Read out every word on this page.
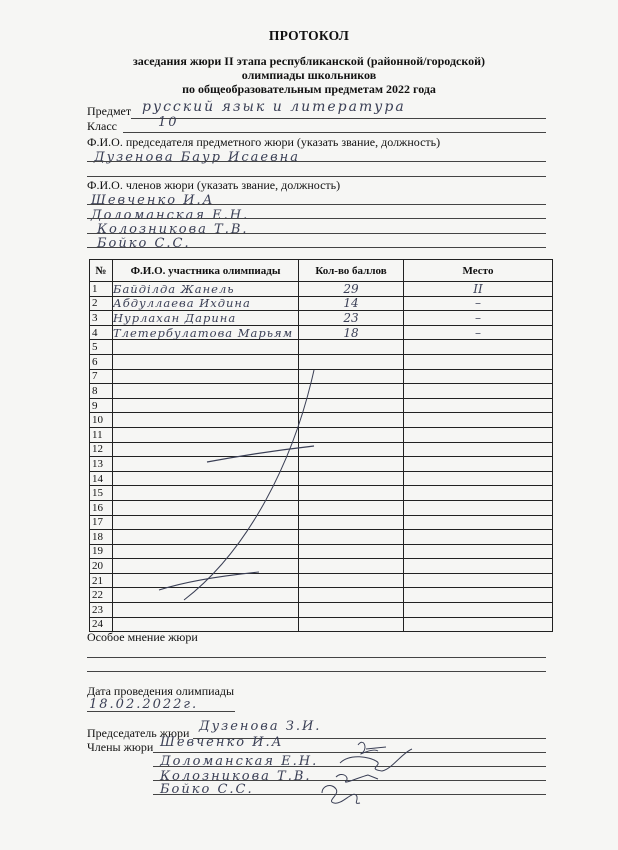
ПРОТОКОЛ
заседания жюри II этапа республиканской (районной/городской)
олимпиады школьников
по общеобразовательным предметам 2022 года
Предмет русский язык и литература
Класс	10
Ф.И.О. председателя предметного жюри (указать звание, должность)
Дузенова Баур Исаевна
Ф.И.О. членов жюри (указать звание, должность)
Шевченко И.А
Доломанская Е.Н.
Колозникова Т.В.
Бойко С.С.
№	Ф.И.О. участника олимпиады	Кол-во баллов	Место
1	Байділда Жанель	29	II
2	Абдуллаева Ихдина	14	–
3	Нурлахан Дарина	23	–
4	Тлетербулатова Марьям	18	–
5			
6			
7			
8			
9			
10			
11			
12			
13			
14			
15			
16			
17			
18			
19			
20			
21			
22			
23			
24			
Особое мнение жюри
Дата проведения олимпиады
18.02.2022г.
Председатель жюри Дузенова З.И.
Члены жюри Шевченко И.А
Доломанская Е.Н.
Колозникова Т.В.
Бойко С.С.
